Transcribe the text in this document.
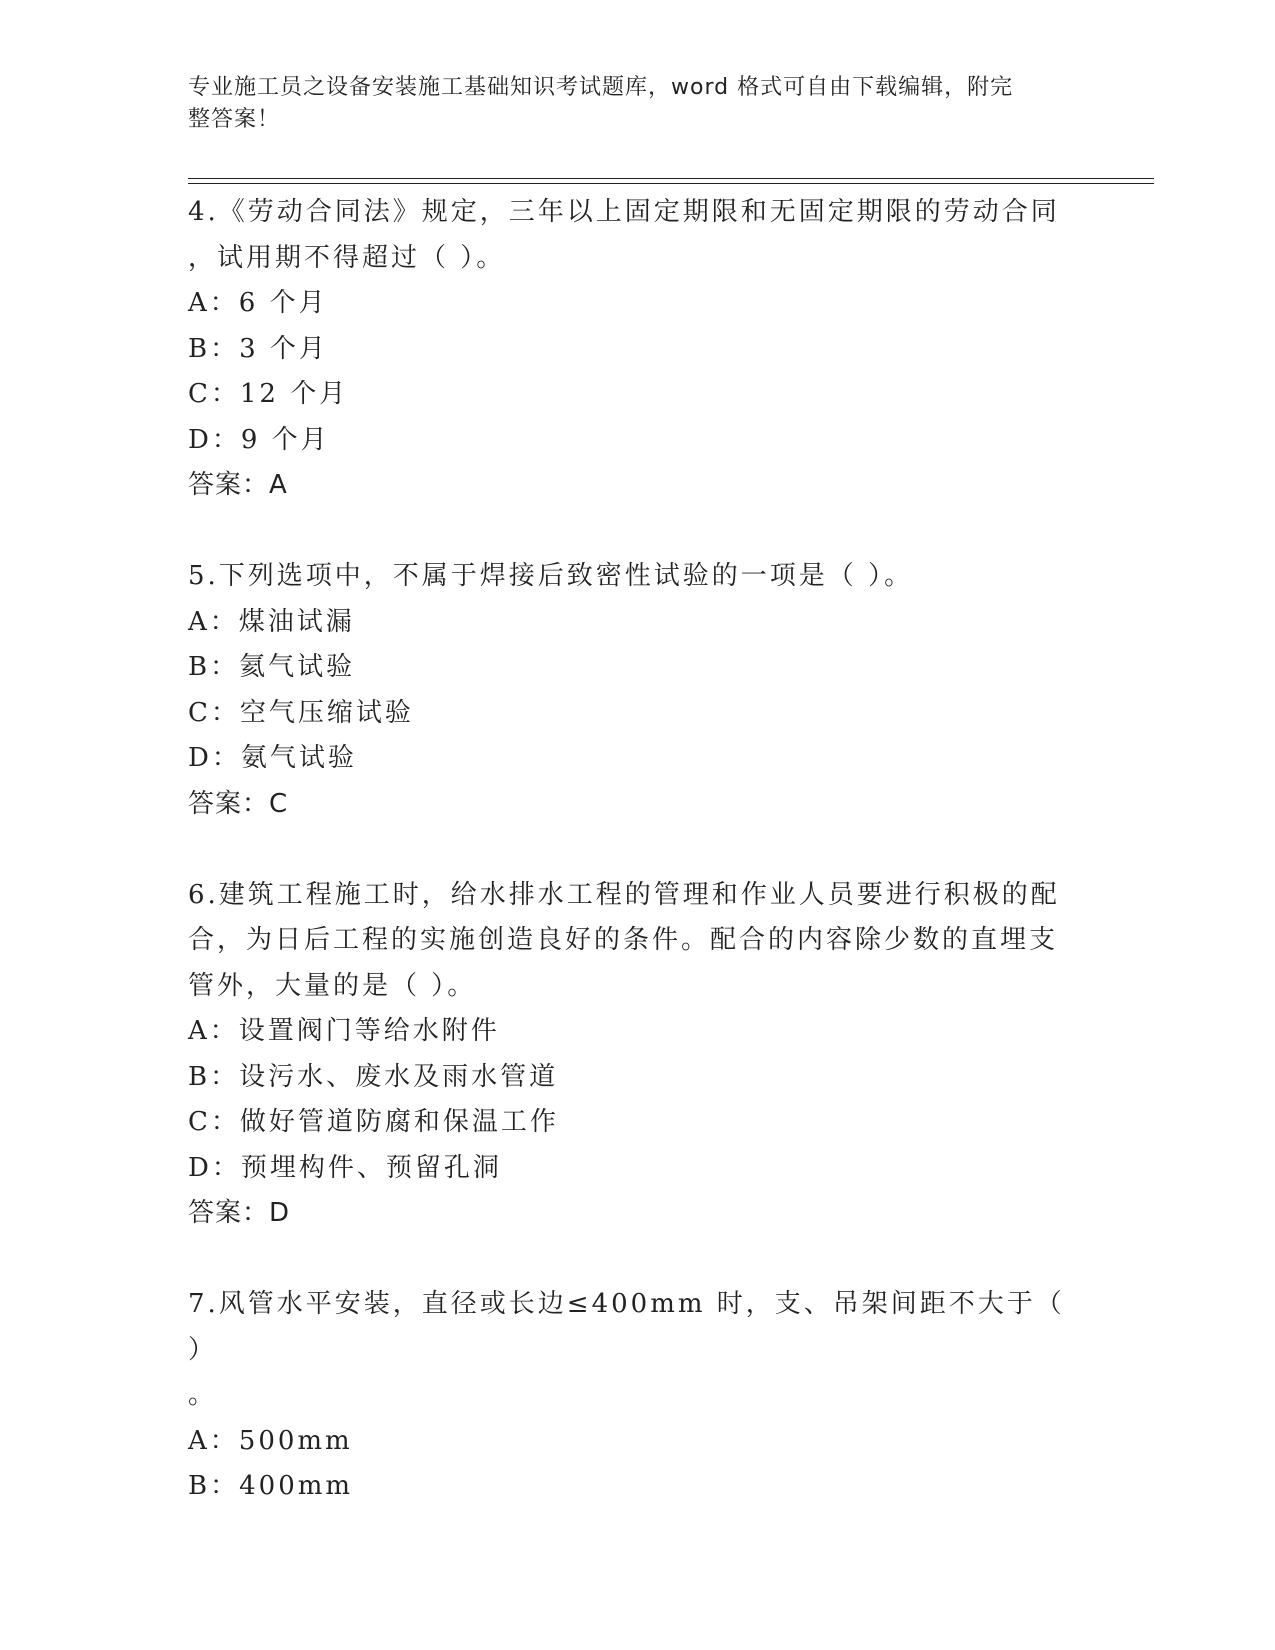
专业施工员之设备安装施工基础知识考试题库，word 格式可自由下载编辑，附完
整答案！

4.《劳动合同法》规定，三年以上固定期限和无固定期限的劳动合同

，试用期不得超过（ ）。

A：6 个月

B：3 个月

C：12 个月

D：9 个月

答案：A

5.下列选项中，不属于焊接后致密性试验的一项是（ ）。

A：煤油试漏

B：氦气试验

C：空气压缩试验

D：氨气试验

答案：C

6.建筑工程施工时，给水排水工程的管理和作业人员要进行积极的配

合，为日后工程的实施创造良好的条件。配合的内容除少数的直埋支

管外，大量的是（ ）。

A：设置阀门等给水附件

B：设污水、废水及雨水管道

C：做好管道防腐和保温工作

D：预埋构件、预留孔洞

答案：D

7.风管水平安装，直径或长边≤400mm 时，支、吊架间距不大于（ ）

。

A：500mm

B：400mm
